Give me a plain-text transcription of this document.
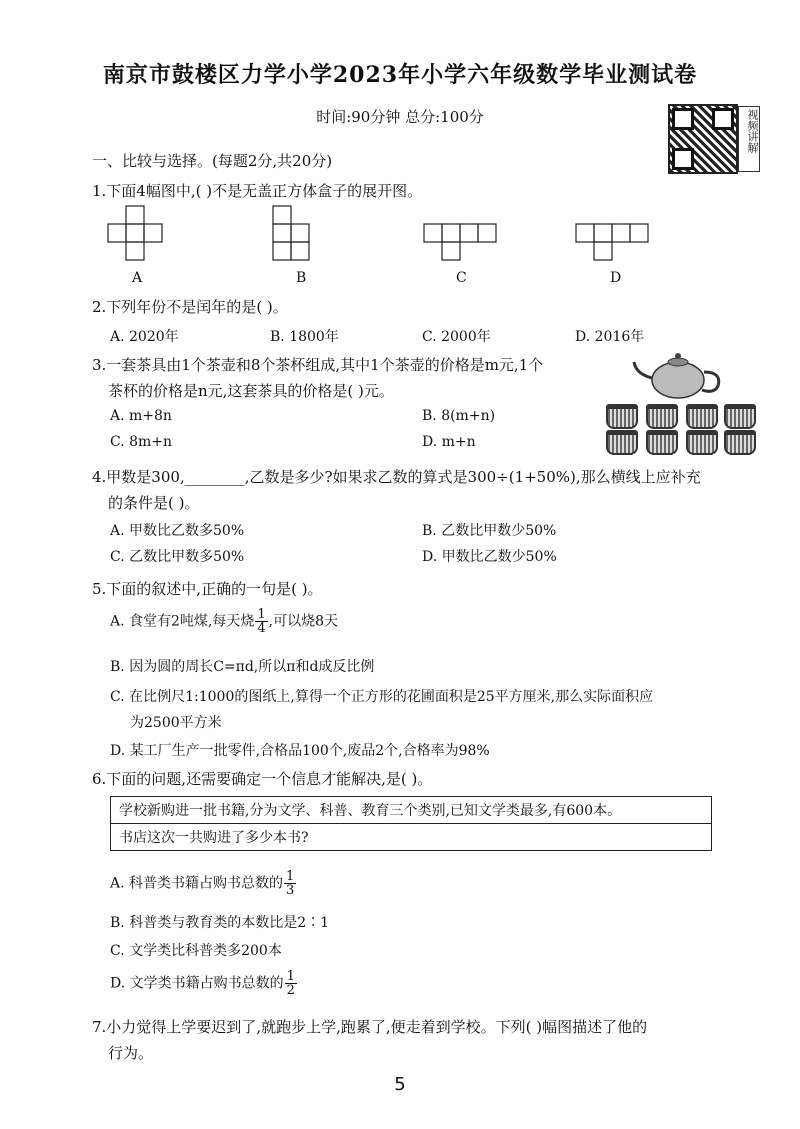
南京市鼓楼区力学小学2023年小学六年级数学毕业测试卷
时间:90分钟 总分:100分	视频讲解
一、比较与选择。(每题2分,共20分)
1.下面4幅图中,( )不是无盖正方体盒子的展开图。
A	B	C	D
2.下列年份不是闰年的是( )。
A. 2020年	B. 1800年	C. 2000年	D. 2016年
3.一套茶具由1个茶壶和8个茶杯组成,其中1个茶壶的价格是m元,1个
茶杯的价格是n元,这套茶具的价格是( )元。
A. m+8n	B. 8(m+n)
C. 8m+n	D. m+n
4.甲数是300,________,乙数是多少?如果求乙数的算式是300÷(1+50%),那么横线上应补充
的条件是( )。
A. 甲数比乙数多50%	B. 乙数比甲数少50%
C. 乙数比甲数多50%	D. 甲数比乙数少50%
5.下面的叙述中,正确的一句是( )。
A. 食堂有2吨煤,每天烧 $\frac{1}{4}$ ,可以烧8天
B. 因为圆的周长C=πd,所以π和d成反比例
C. 在比例尺1:1000的图纸上,算得一个正方形的花圃面积是25平方厘米,那么实际面积应
为2500平方米
D. 某工厂生产一批零件,合格品100个,废品2个,合格率为98%
6.下面的问题,还需要确定一个信息才能解决,是( )。
学校新购进一批书籍,分为文学、科普、教育三个类别,已知文学类最多,有600本。
书店这次一共购进了多少本书?
A. 科普类书籍占购书总数的 $\frac{1}{3}$
B. 科普类与教育类的本数比是2∶1
C. 文学类比科普类多200本
D. 文学类书籍占购书总数的 $\frac{1}{2}$
7.小力觉得上学要迟到了,就跑步上学,跑累了,便走着到学校。下列( )幅图描述了他的
行为。
5
